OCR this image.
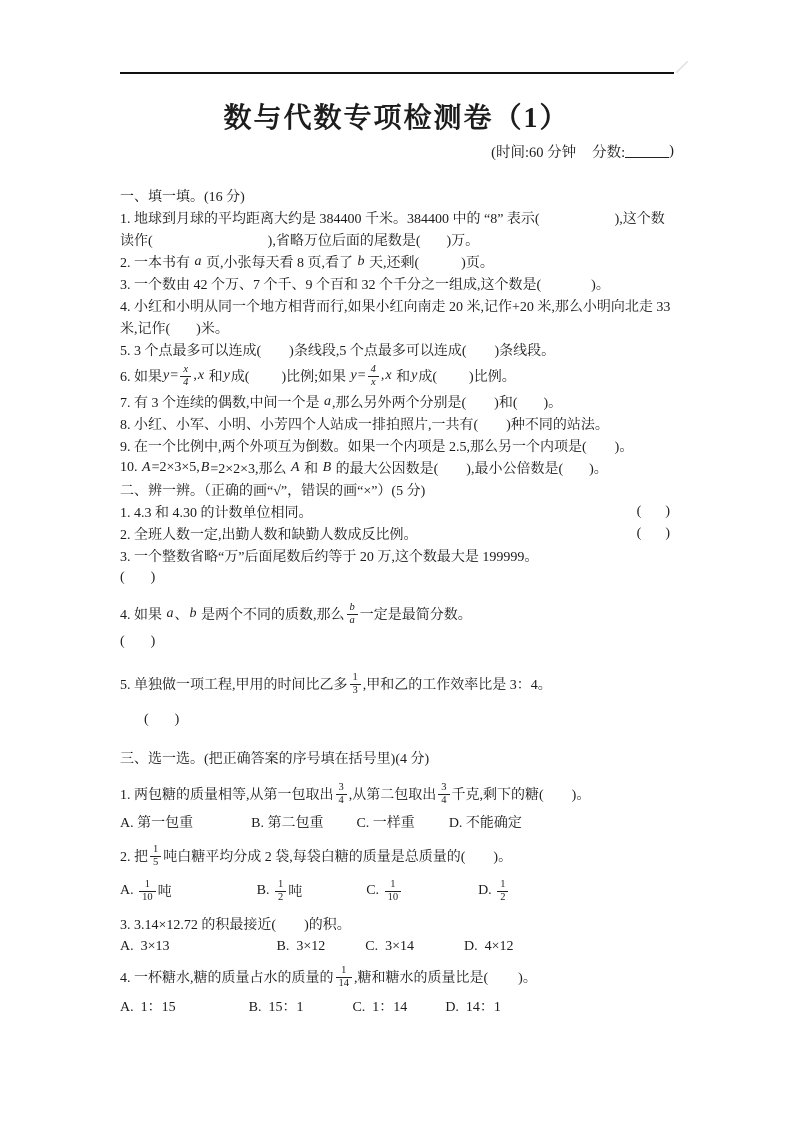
数与代数专项检测卷（1）
(时间:60 分钟 分数:	)
一、填一填。(16 分)
1. 地球到月球的平均距离大约是 384400 千米。384400 中的 “8” 表示(	),这个数
读作(	),省略万位后面的尾数是( )万。
2. 一本书有 a 页,小张每天看 8 页,看了 b 天,还剩(	)页。
3. 一个数由 42 个万、7 个千、9 个百和 32 个千分之一组成,这个数是(	)。
4. 小红和小明从同一个地方相背而行,如果小红向南走 20 米,记作+20 米,那么小明向北走 33
米,记作( )米。
5. 3 个点最多可以连成( )条线段,5 个点最多可以连成( )条线段。
6. 如果 $y = \frac{x}{4}$ , x 和 y 成( )比例;如果 $y = \frac{4}{x}$ , x 和 y 成( )比例。
7. 有 3 个连续的偶数,中间一个是 a ,那么另外两个分别是( )和( )。
8. 小红、小军、小明、小芳四个人站成一排拍照片,一共有( )种不同的站法。
9. 在一个比例中,两个外项互为倒数。如果一个内项是 2.5,那么另一个内项是( )。
10. A =2×3×5, B =2×2×3,那么 A 和 B 的最大公因数是( ),最小公倍数是( )。
二、辨一辨。（正确的画“√”，错误的画“×”）(5 分)
1. 4.3 和 4.30 的计数单位相同。	( )
2. 全班人数一定,出勤人数和缺勤人数成反比例。	( )
3. 一个整数省略“万”后面尾数后约等于 20 万,这个数最大是 199999。
( )
4. 如果 a 、 b 是两个不同的质数,那么 $\frac{b}{a}$ 一定是最简分数。
( )
5. 单独做一项工程,甲用的时间比乙多 $\frac{1}{3}$ ,甲和乙的工作效率比是 3：4。
( )
三、选一选。(把正确答案的序号填在括号里)(4 分)
1. 两包糖的质量相等,从第一包取出 $\frac{3}{4}$ ,从第二包取出 $\frac{3}{4}$ 千克,剩下的糖( )。
A. 第一包重	B. 第二包重 C. 一样重 D. 不能确定
2. 把 $\frac{1}{5}$ 吨白糖平均分成 2 袋,每袋白糖的质量是总质量的( )。
A. $\frac{1}{10}$ 吨	B. $\frac{1}{2}$ 吨	C. $\frac{1}{10}$	D. $\frac{1}{2}$
3. 3.14×12.72 的积最接近( )的积。
A.  3×13	B.  3×12	C.  3×14	D.  4×12
4. 一杯糖水,糖的质量占水的质量的 $\frac{1}{14}$ ,糖和糖水的质量比是( )。
A.  1：15	B.  15：1	C.  1：14	D.  14：1
